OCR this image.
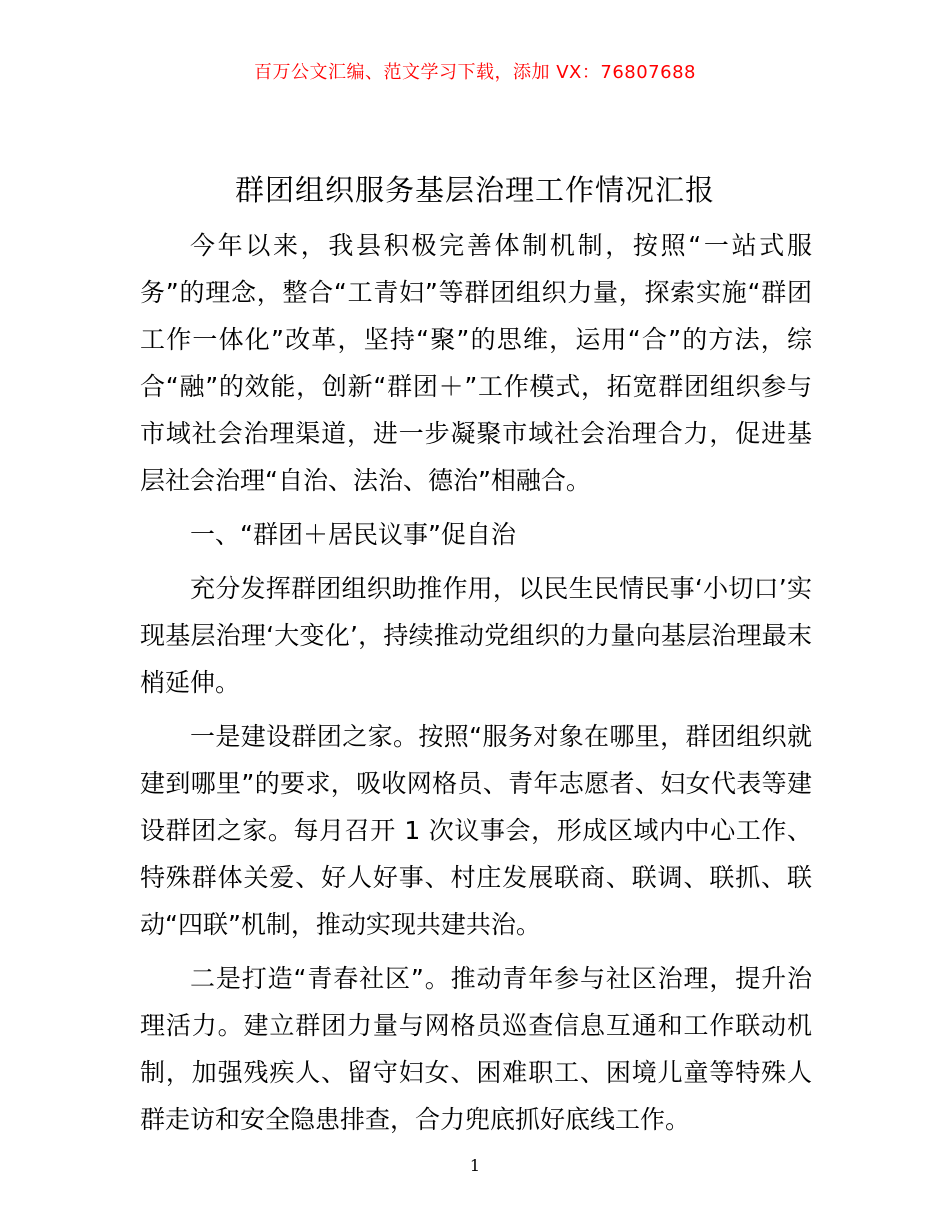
百万公文汇编、范文学习下载，添加 VX：76807688
群团组织服务基层治理工作情况汇报

今年以来，我县积极完善体制机制，按照“一站式服务”的理念，整合“工青妇”等群团组织力量，探索实施“群团工作一体化”改革，坚持“聚”的思维，运用“合”的方法，综合“融”的效能，创新“群团＋”工作模式，拓宽群团组织参与市域社会治理渠道，进一步凝聚市域社会治理合力，促进基层社会治理“自治、法治、德治”相融合。

一、“群团＋居民议事”促自治

充分发挥群团组织助推作用，以民生民情民事‘小切口’实现基层治理‘大变化’，持续推动党组织的力量向基层治理最末梢延伸。

一是建设群团之家。按照“服务对象在哪里，群团组织就建到哪里”的要求，吸收网格员、青年志愿者、妇女代表等建设群团之家。每月召开 1 次议事会，形成区域内中心工作、特殊群体关爱、好人好事、村庄发展联商、联调、联抓、联动“四联”机制，推动实现共建共治。

二是打造“青春社区”。推动青年参与社区治理，提升治理活力。建立群团力量与网格员巡查信息互通和工作联动机制，加强残疾人、留守妇女、困难职工、困境儿童等特殊人群走访和安全隐患排查，合力兜底抓好底线工作。

1
